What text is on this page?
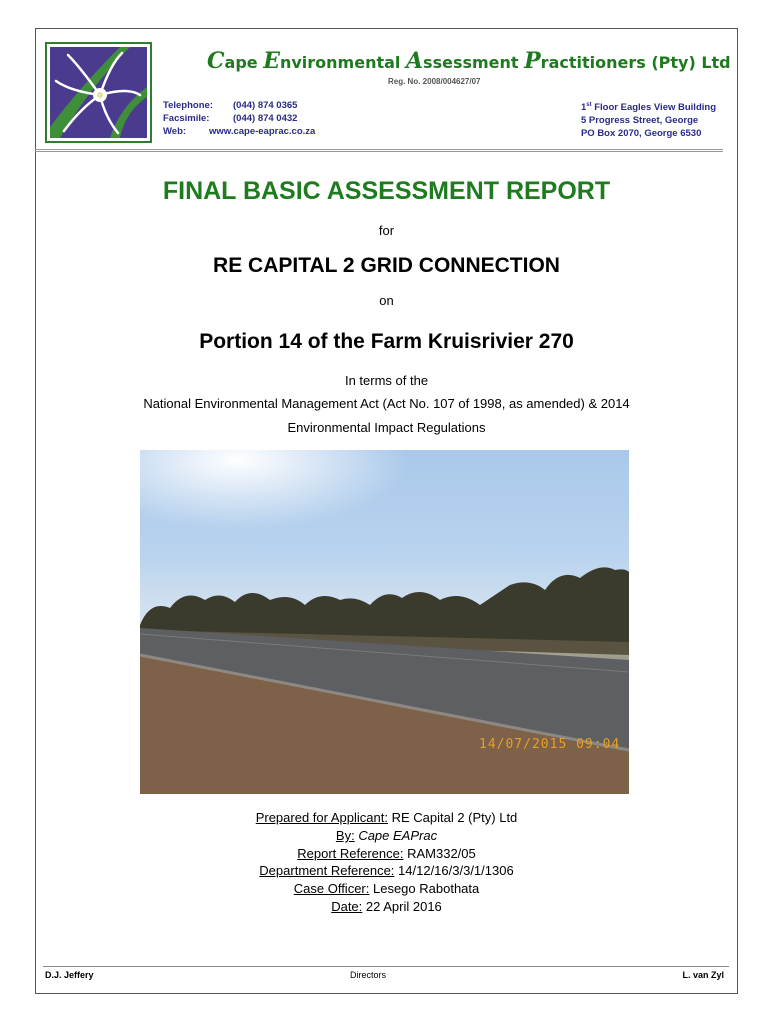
Cape Environmental Assessment Practitioners (Pty) Ltd
Reg. No. 2008/004627/07
Telephone: (044) 874 0365
Facsimile: (044) 874 0432
Web: www.cape-eaprac.co.za
1st Floor Eagles View Building
5 Progress Street, George
PO Box 2070, George 6530
FINAL BASIC ASSESSMENT REPORT
for
RE CAPITAL 2 GRID CONNECTION
on
Portion 14 of the Farm Kruisrivier 270
In terms of the
National Environmental Management Act (Act No. 107 of 1998, as amended) & 2014
Environmental Impact Regulations
14/07/2015 09:04
Prepared for Applicant: RE Capital 2 (Pty) Ltd
By: Cape EAPrac
Report Reference: RAM332/05
Department Reference: 14/12/16/3/3/1/1306
Case Officer: Lesego Rabothata
Date: 22 April 2016
D.J. Jeffery	Directors	L. van Zyl
